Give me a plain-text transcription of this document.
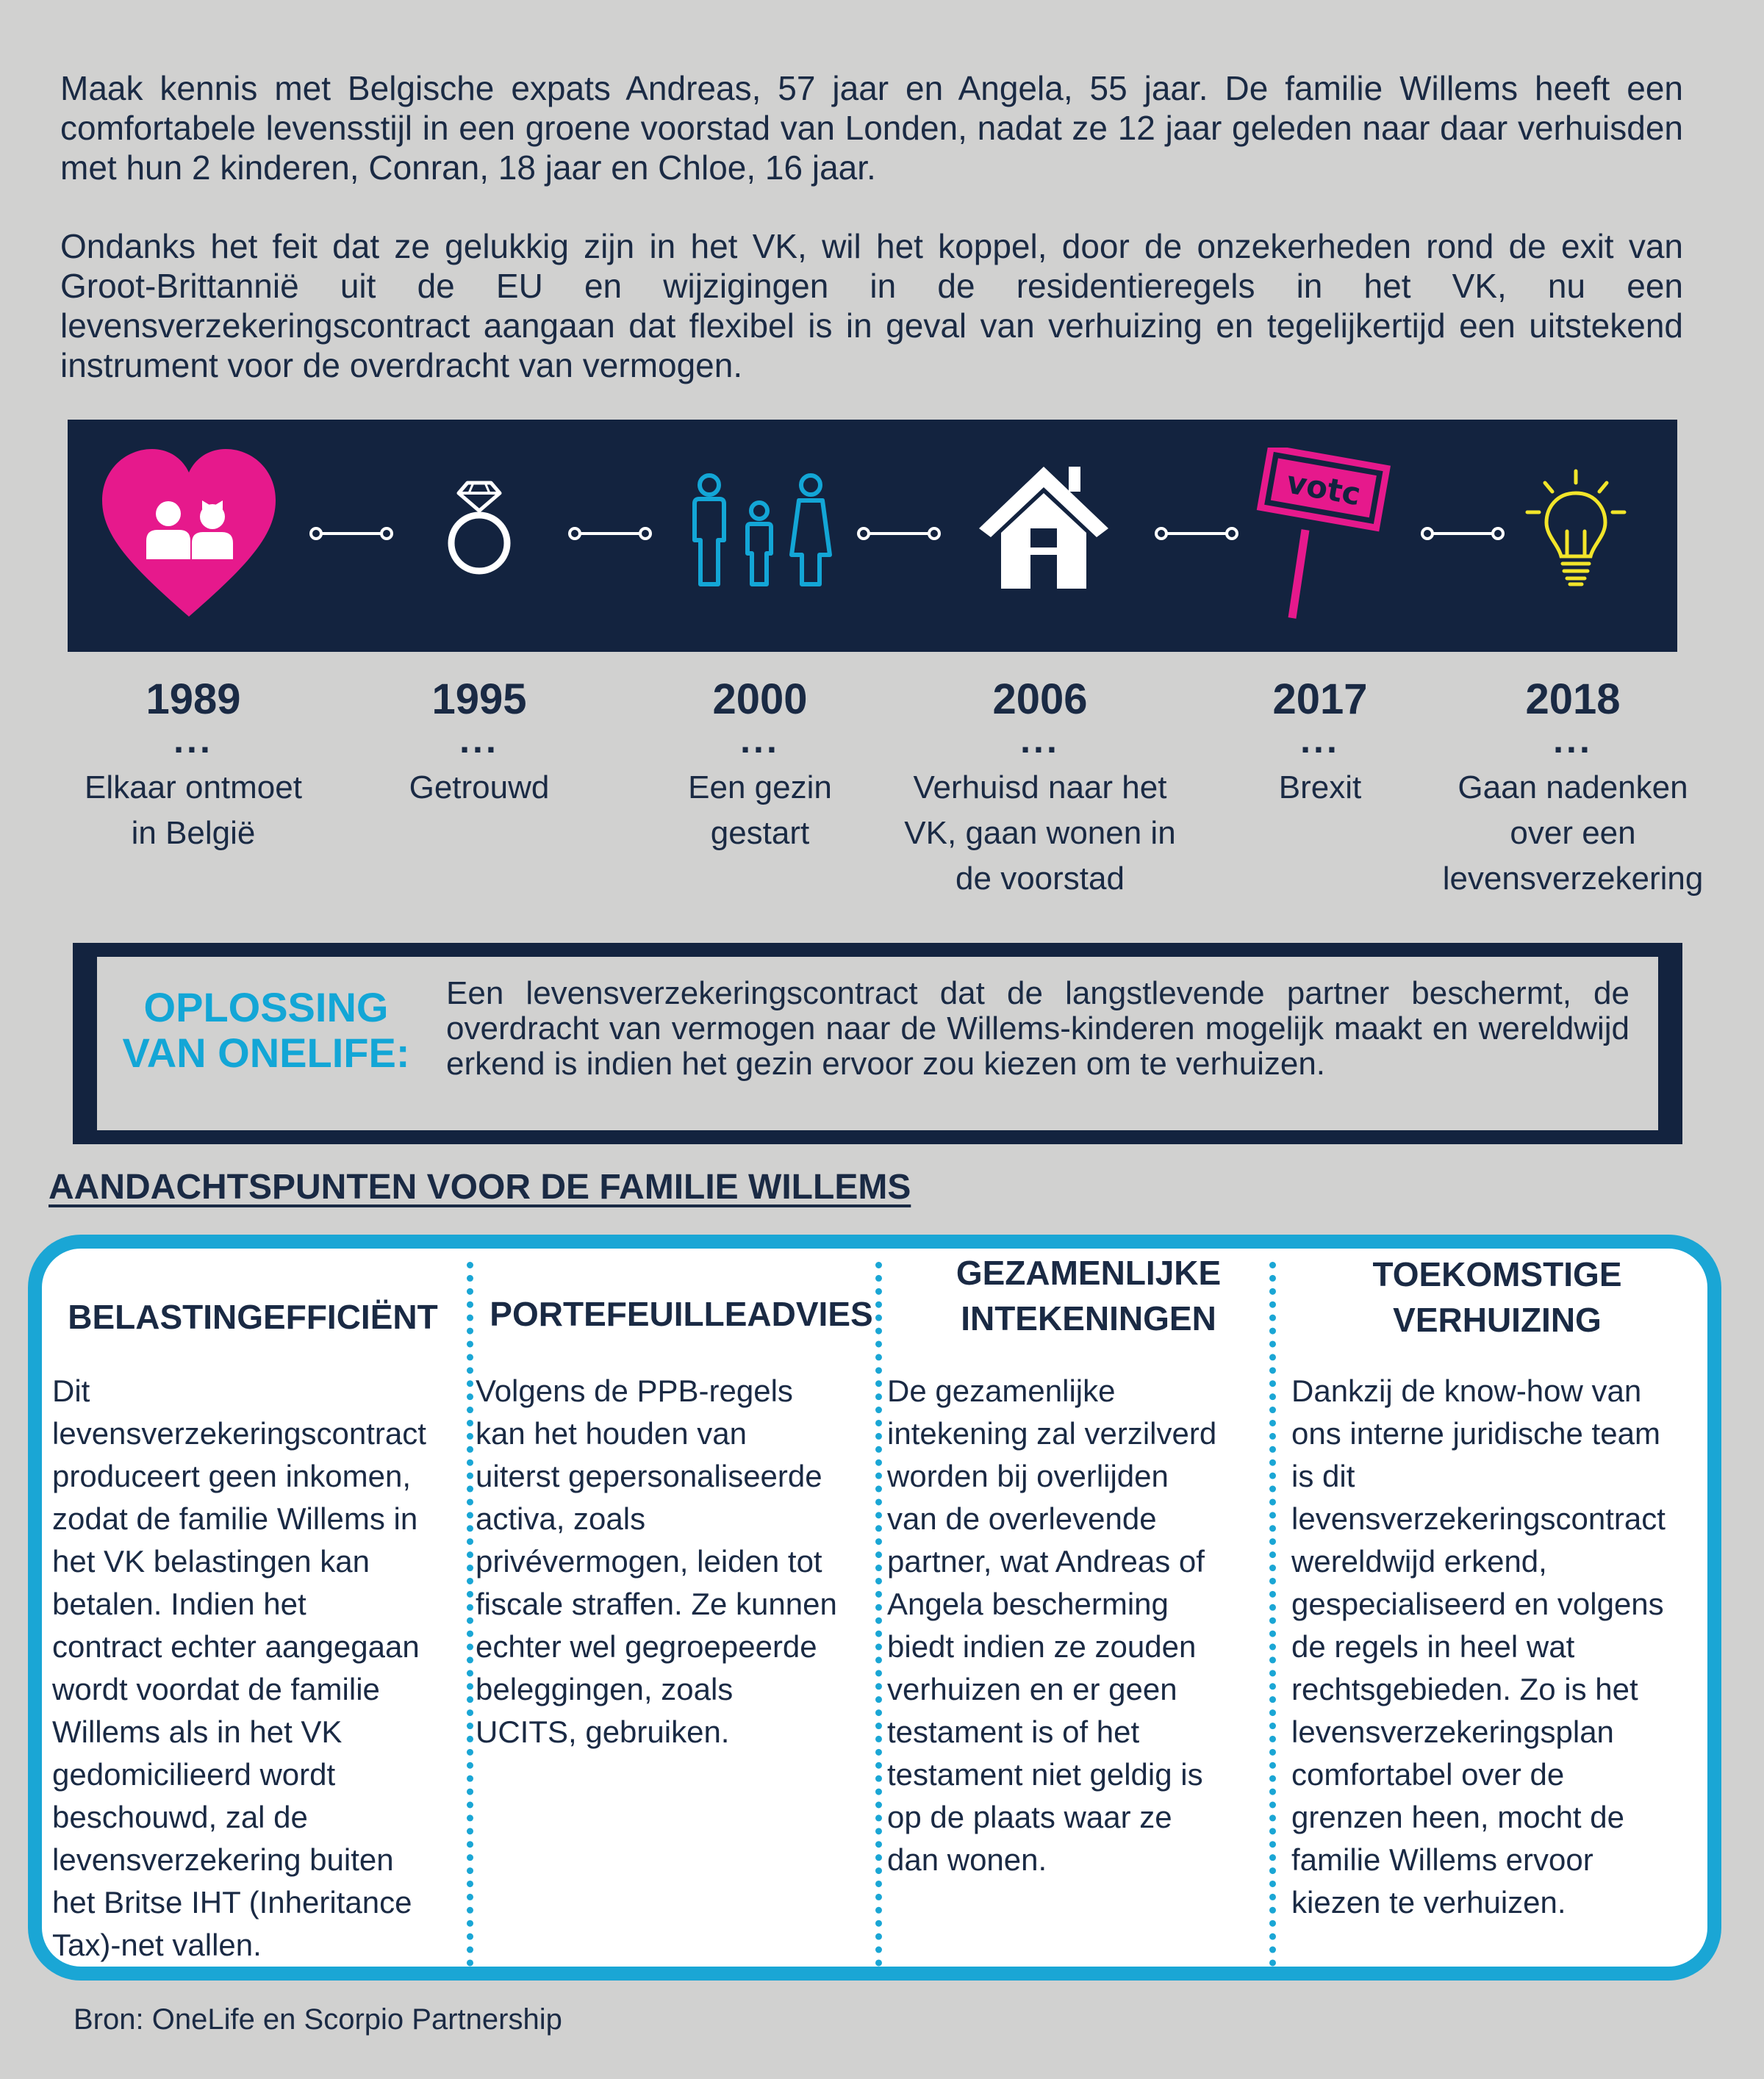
Maak kennis met Belgische expats Andreas, 57 jaar en Angela, 55 jaar. De familie Willems heeft een comfortabele levensstijl in een groene voorstad van Londen, nadat ze 12 jaar geleden naar daar verhuisden met hun 2 kinderen, Conran, 18 jaar en Chloe, 16 jaar.

Ondanks het feit dat ze gelukkig zijn in het VK, wil het koppel, door de onzekerheden rond de exit van Groot-Brittannië uit de EU en wijzigingen in de residentieregels in het VK, nu een levensverzekeringscontract aangaan dat flexibel is in geval van verhuizing en tegelijkertijd een uitstekend instrument voor de overdracht van vermogen.

votc
1989
...
Elkaar ontmoet
in België
1995
...
Getrouwd
2000
...
Een gezin
gestart
2006
...
Verhuisd naar het
VK, gaan wonen in
de voorstad
2017
...
Brexit
2018
...
Gaan nadenken
over een
levensverzekering

OPLOSSING
VAN ONELIFE:

Een levensverzekeringscontract dat de langstlevende partner beschermt, de overdracht van vermogen naar de Willems-kinderen mogelijk maakt en wereldwijd erkend is indien het gezin ervoor zou kiezen om te verhuizen.

AANDACHTSPUNTEN VOOR DE FAMILIE WILLEMS

BELASTINGEFFICIËNT

Dit
levensverzekeringscontract
produceert geen inkomen,
zodat de familie Willems in
het VK belastingen kan
betalen. Indien het
contract echter aangegaan
wordt voordat de familie
Willems als in het VK
gedomicilieerd wordt
beschouwd, zal de
levensverzekering buiten
het Britse IHT (Inheritance
Tax)-net vallen.

PORTEFEUILLEADVIES

Volgens de PPB-regels
kan het houden van
uiterst gepersonaliseerde
activa, zoals
privévermogen, leiden tot
fiscale straffen. Ze kunnen
echter wel gegroepeerde
beleggingen, zoals
UCITS, gebruiken.

GEZAMENLIJKE
INTEKENINGEN

De gezamenlijke
intekening zal verzilverd
worden bij overlijden
van de overlevende
partner, wat Andreas of
Angela bescherming
biedt indien ze zouden
verhuizen en er geen
testament is of het
testament niet geldig is
op de plaats waar ze
dan wonen.

TOEKOMSTIGE
VERHUIZING

Dankzij de know-how van
ons interne juridische team
is dit
levensverzekeringscontract
wereldwijd erkend,
gespecialiseerd en volgens
de regels in heel wat
rechtsgebieden. Zo is het
levensverzekeringsplan
comfortabel over de
grenzen heen, mocht de
familie Willems ervoor
kiezen te verhuizen.

Bron: OneLife en Scorpio Partnership
